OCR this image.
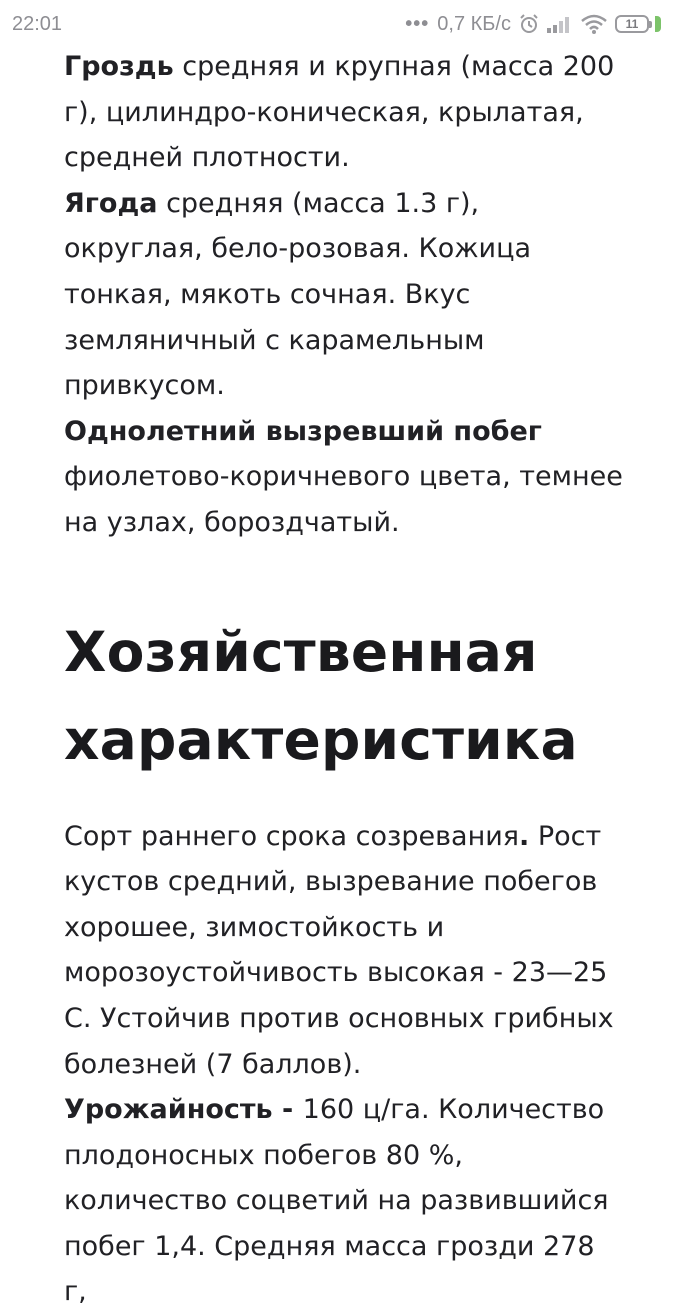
22:01	••• 0,7 КБ/с	11

Гроздь средняя и крупная (масса 200 г), цилиндро-коническая, крылатая, средней плотности.
Ягода средняя (масса 1.3 г), округлая, бело-розовая. Кожица тонкая, мякоть сочная. Вкус земляничный с карамельным привкусом.
Однолетний вызревший побег фиолетово-коричневого цвета, темнее на узлах, бороздчатый.

Хозяйственная характеристика

Сорт раннего срока созревания. Рост кустов средний, вызревание побегов хорошее, зимостойкость и морозоустойчивость высокая - 23—25 С. Устойчив против основных грибных болезней (7 баллов).
Урожайность - 160 ц/га. Количество плодоносных побегов 80 %, количество соцветий на развившийся побег 1,4. Средняя масса грозди 278 г,
